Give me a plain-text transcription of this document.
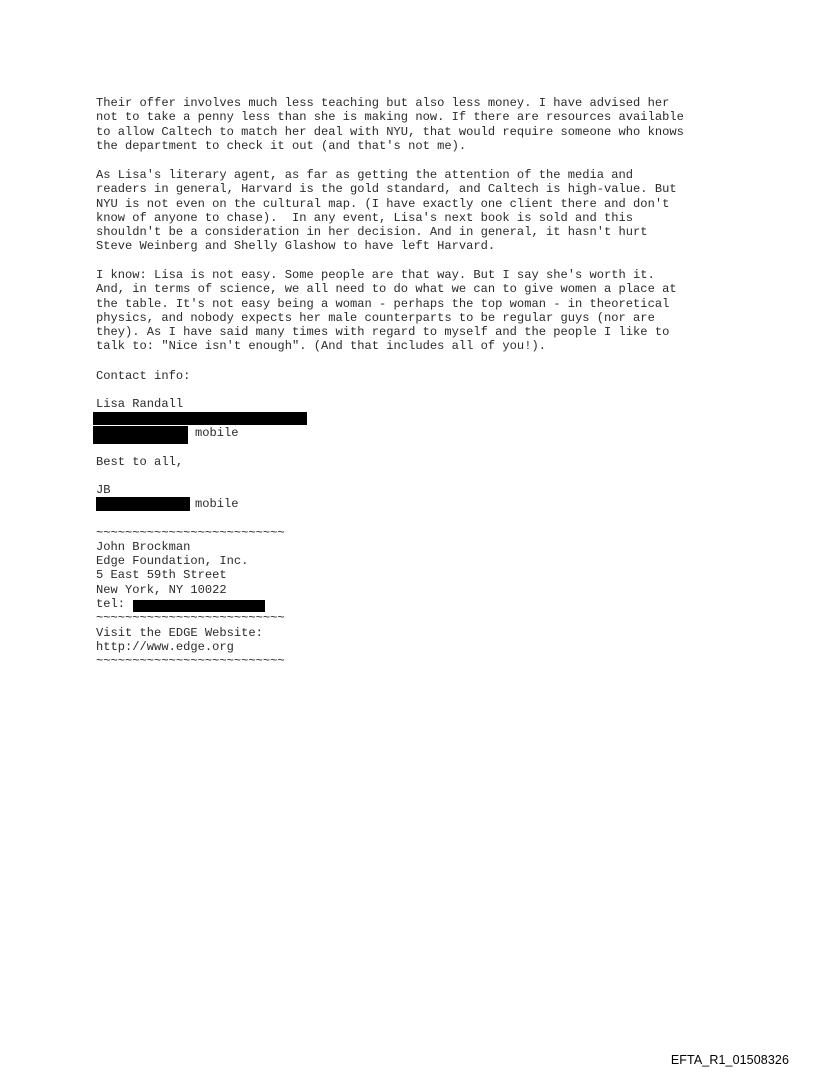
Their offer involves much less teaching but also less money. I have advised her
not to take a penny less than she is making now. If there are resources available
to allow Caltech to match her deal with NYU, that would require someone who knows
the department to check it out (and that's not me).

As Lisa's literary agent, as far as getting the attention of the media and
readers in general, Harvard is the gold standard, and Caltech is high-value. But
NYU is not even on the cultural map. (I have exactly one client there and don't
know of anyone to chase).  In any event, Lisa's next book is sold and this
shouldn't be a consideration in her decision. And in general, it hasn't hurt
Steve Weinberg and Shelly Glashow to have left Harvard.

I know: Lisa is not easy. Some people are that way. But I say she's worth it.
And, in terms of science, we all need to do what we can to give women a place at
the table. It's not easy being a woman - perhaps the top woman - in theoretical
physics, and nobody expects her male counterparts to be regular guys (nor are
they). As I have said many times with regard to myself and the people I like to
talk to: "Nice isn't enough". (And that includes all of you!).

Contact info:
Lisa Randall
mobile
Best to all,
JB
mobile
~~~~~~~~~~~~~~~~~~~~~~~~~~
John Brockman
Edge Foundation, Inc.
5 East 59th Street
New York, NY 10022
tel:
~~~~~~~~~~~~~~~~~~~~~~~~~~
Visit the EDGE Website:
http://www.edge.org
~~~~~~~~~~~~~~~~~~~~~~~~~~
EFTA_R1_01508326
